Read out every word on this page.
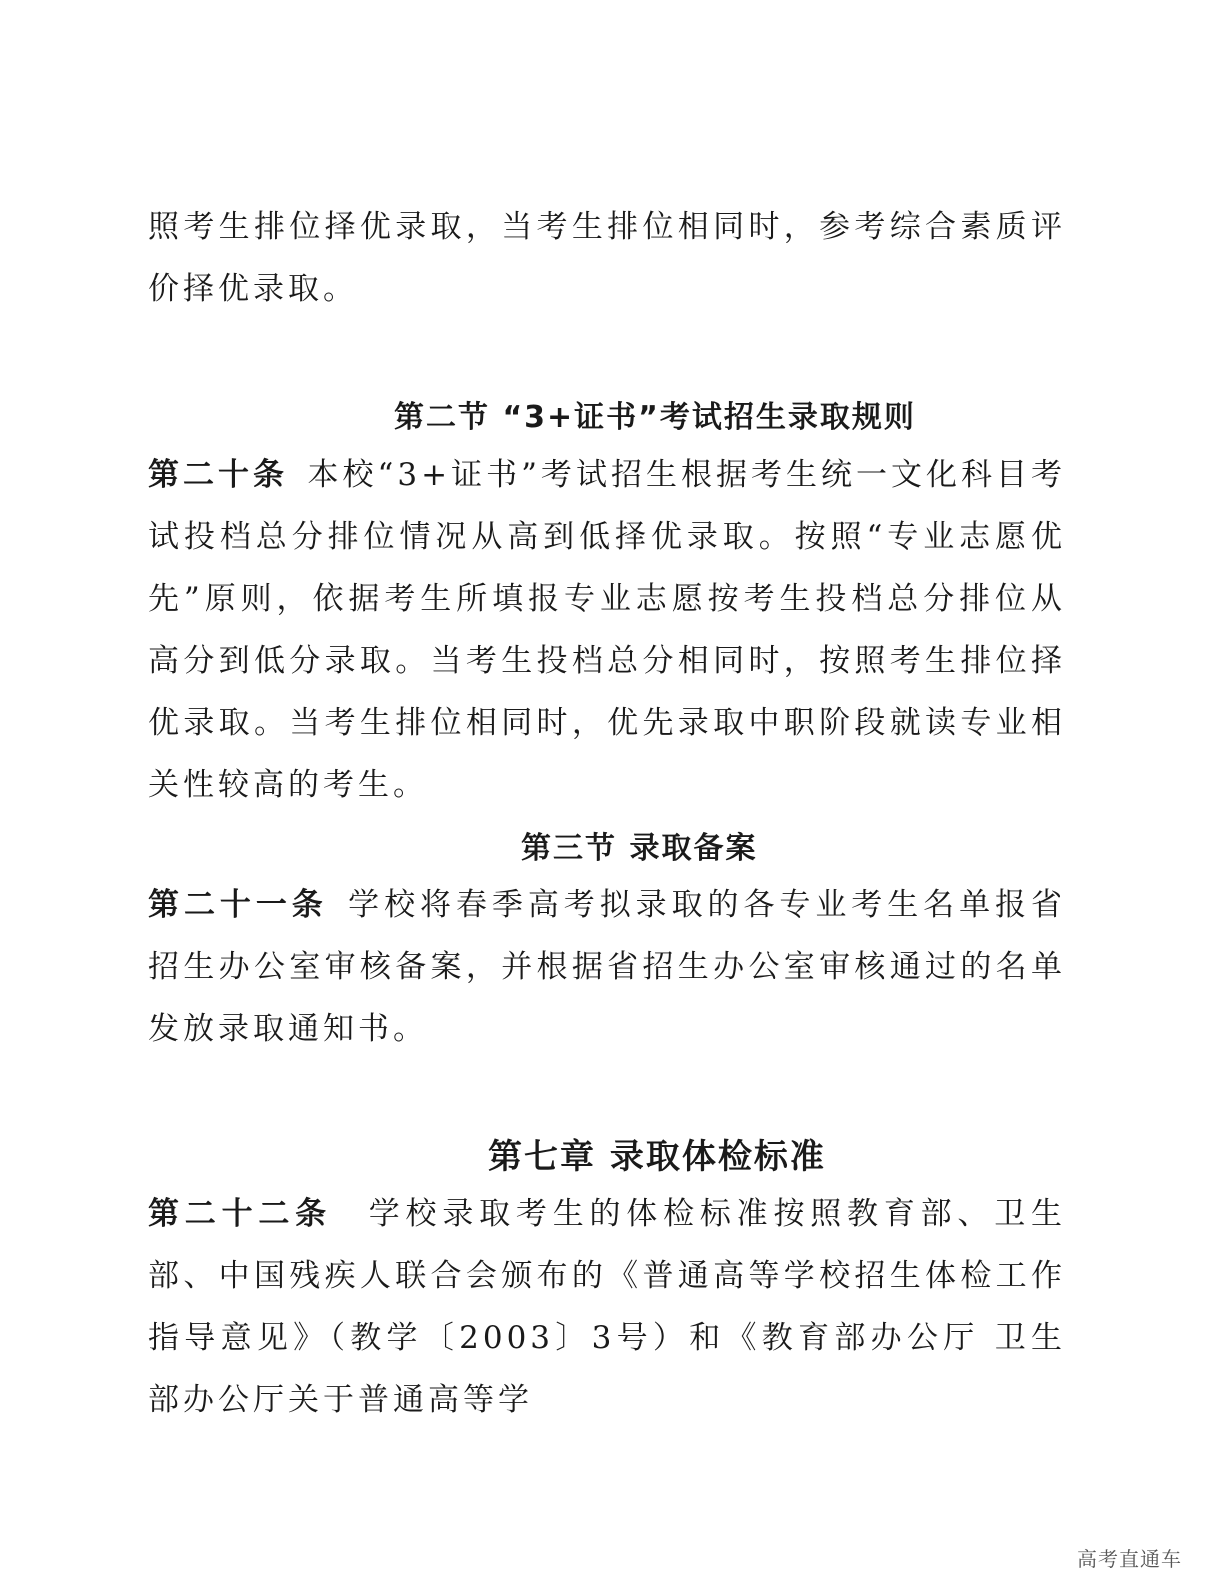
照考生排位择优录取，当考生排位相同时，参考综合素质评价择优录取。

第二节 “3+证书”考试招生录取规则

第二十条  本校“3+证书”考试招生根据考生统一文化科目考试投档总分排位情况从高到低择优录取。按照“专业志愿优先”原则，依据考生所填报专业志愿按考生投档总分排位从高分到低分录取。当考生投档总分相同时，按照考生排位择优录取。当考生排位相同时，优先录取中职阶段就读专业相关性较高的考生。

第三节 录取备案

第二十一条  学校将春季高考拟录取的各专业考生名单报省招生办公室审核备案，并根据省招生办公室审核通过的名单发放录取通知书。

第七章 录取体检标准

第二十二条  学校录取考生的体检标准按照教育部、卫生部、中国残疾人联合会颁布的《普通高等学校招生体检工作指导意见》（教学〔2003〕3号）和《教育部办公厅 卫生部办公厅关于普通高等学

高考直通车
